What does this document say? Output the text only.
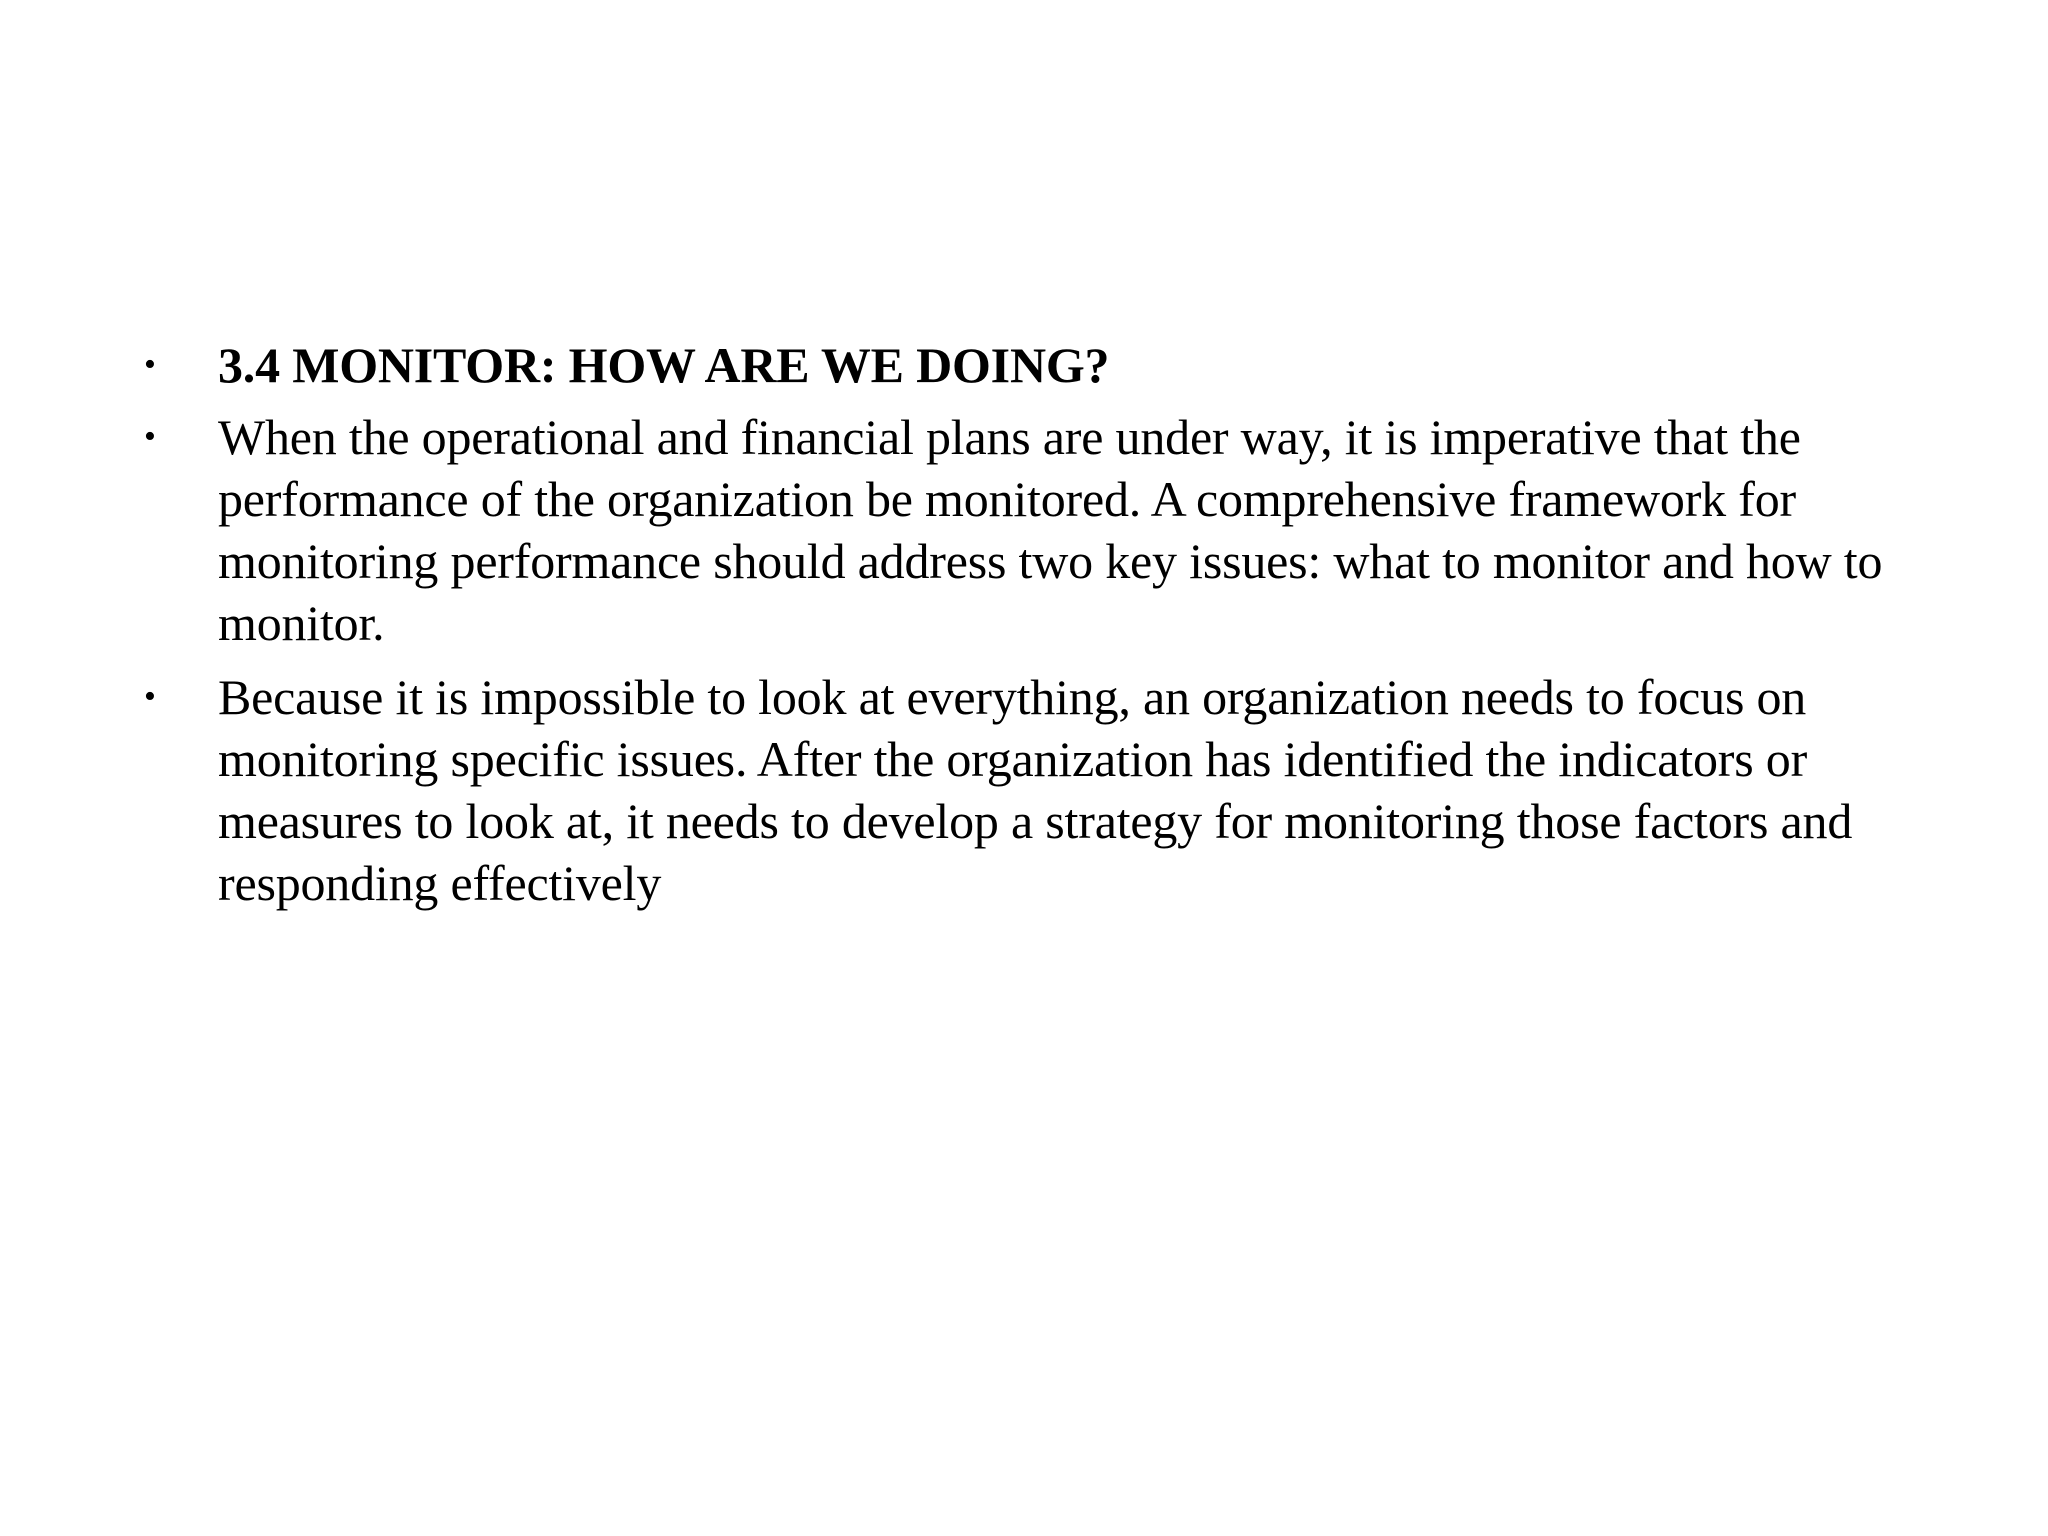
•	3.4 MONITOR: HOW ARE WE DOING?
•	When the operational and financial plans are under way, it is imperative that the performance of the organization be monitored. A comprehensive framework for monitoring performance should address two key issues: what to monitor and how to monitor.
•	Because it is impossible to look at everything, an organization needs to focus on monitoring specific issues. After the organization has identified the indicators or measures to look at, it needs to develop a strategy for monitoring those factors and responding effectively
